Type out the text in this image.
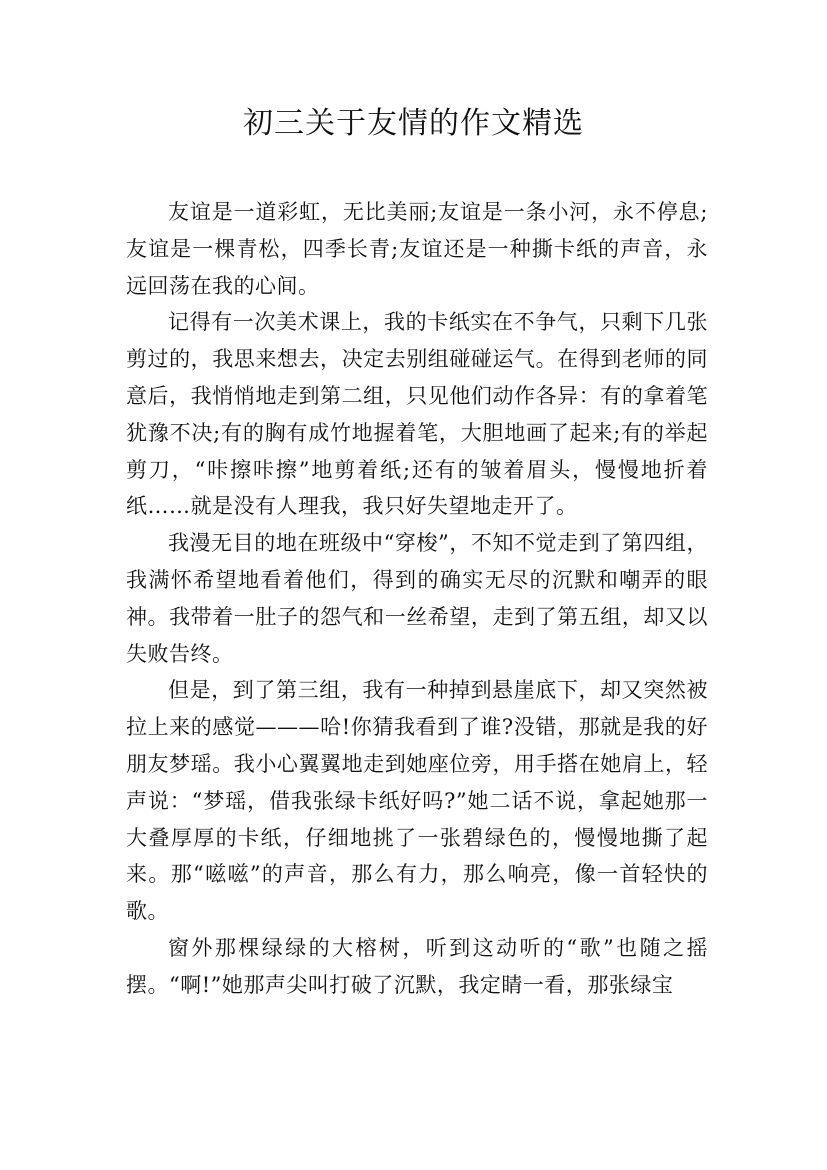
初三关于友情的作文精选

友谊是一道彩虹，无比美丽;友谊是一条小河，永不停息;友谊是一棵青松，四季长青;友谊还是一种撕卡纸的声音，永远回荡在我的心间。

记得有一次美术课上，我的卡纸实在不争气，只剩下几张剪过的，我思来想去，决定去别组碰碰运气。在得到老师的同意后，我悄悄地走到第二组，只见他们动作各异：有的拿着笔犹豫不决;有的胸有成竹地握着笔，大胆地画了起来;有的举起剪刀，“咔擦咔擦”地剪着纸;还有的皱着眉头，慢慢地折着纸……就是没有人理我，我只好失望地走开了。

我漫无目的地在班级中“穿梭”，不知不觉走到了第四组，我满怀希望地看着他们，得到的确实无尽的沉默和嘲弄的眼神。我带着一肚子的怨气和一丝希望，走到了第五组，却又以失败告终。

但是，到了第三组，我有一种掉到悬崖底下，却又突然被拉上来的感觉———哈!你猜我看到了谁?没错，那就是我的好朋友梦瑶。我小心翼翼地走到她座位旁，用手搭在她肩上，轻声说：“梦瑶，借我张绿卡纸好吗?”她二话不说，拿起她那一大叠厚厚的卡纸，仔细地挑了一张碧绿色的，慢慢地撕了起来。那“嗞嗞”的声音，那么有力，那么响亮，像一首轻快的歌。

窗外那棵绿绿的大榕树，听到这动听的“歌”也随之摇摆。“啊!”她那声尖叫打破了沉默，我定睛一看，那张绿宝
